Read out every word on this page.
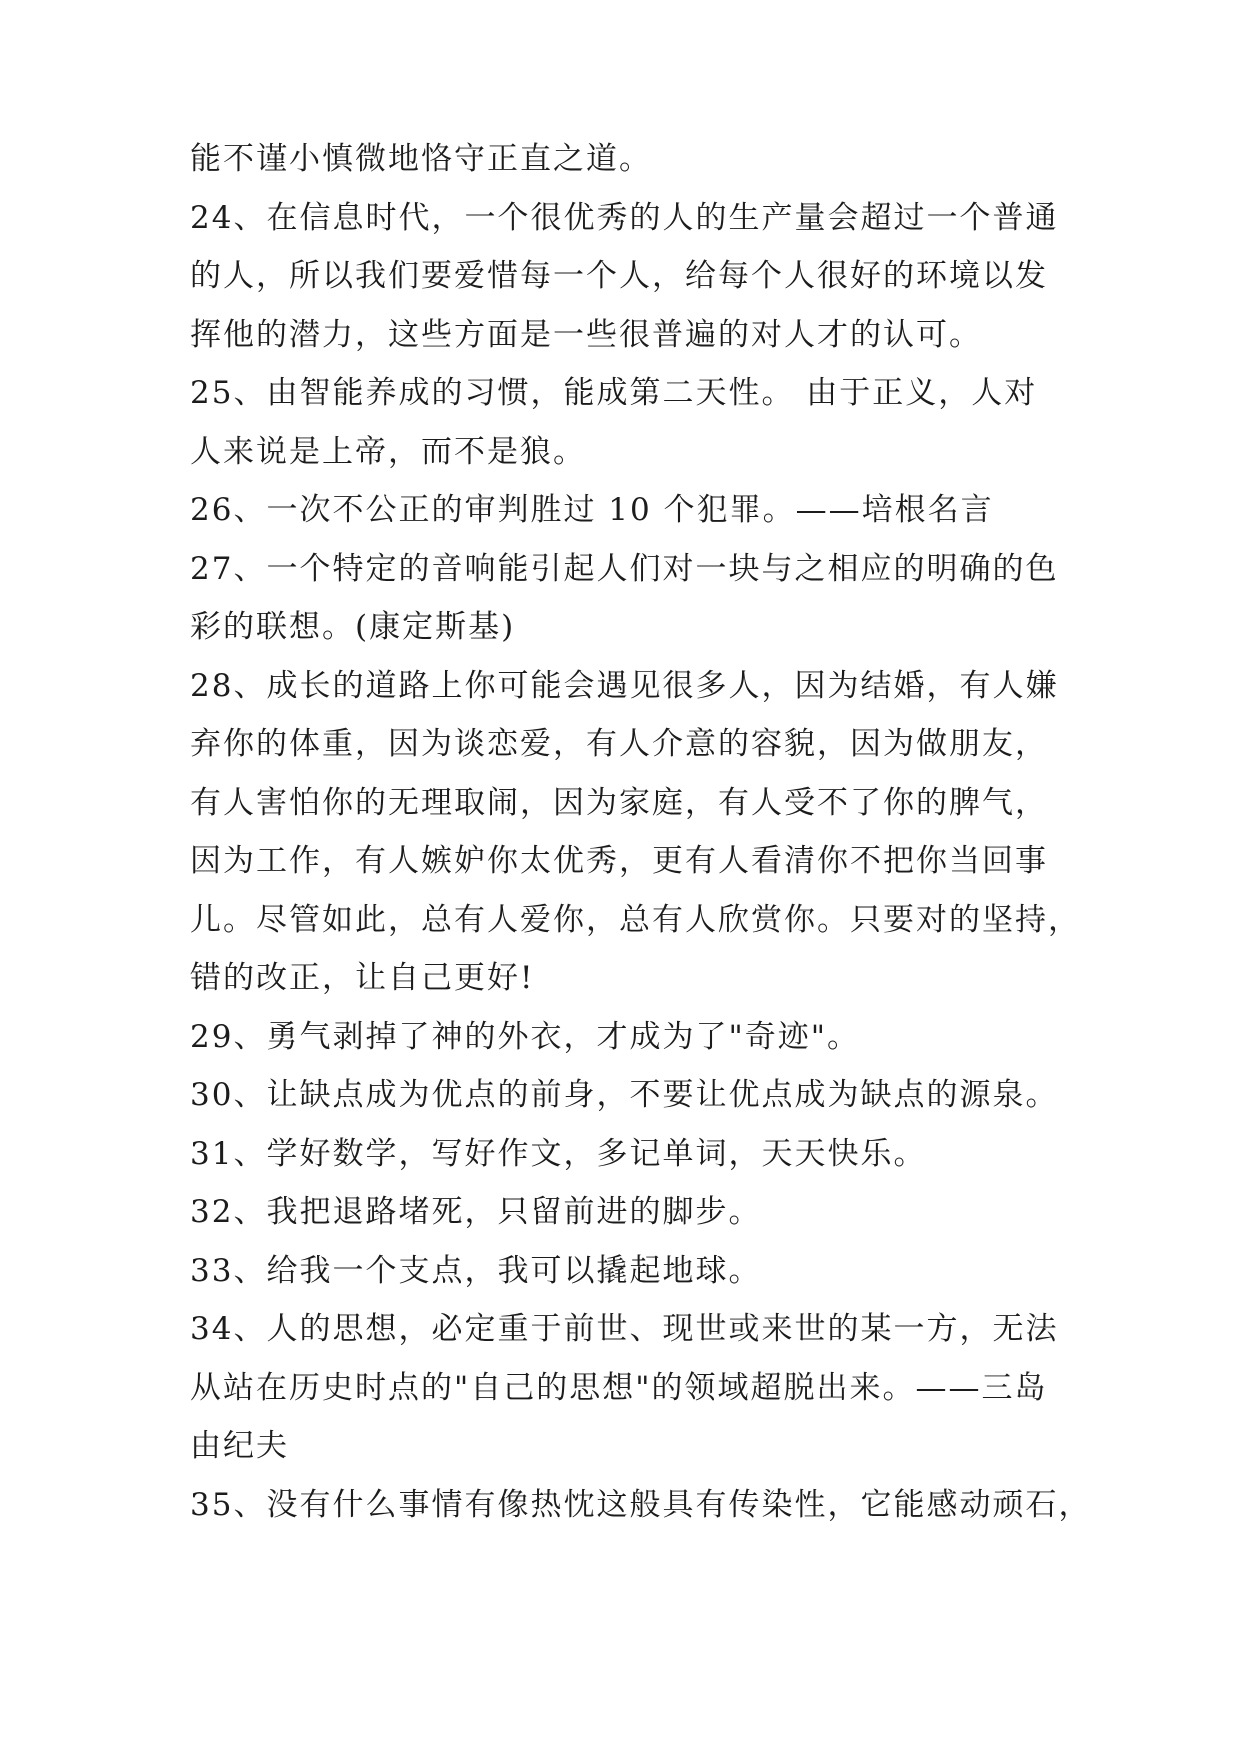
能不谨小慎微地恪守正直之道。
24、在信息时代，一个很优秀的人的生产量会超过一个普通
的人，所以我们要爱惜每一个人，给每个人很好的环境以发
挥他的潜力，这些方面是一些很普遍的对人才的认可。
25、由智能养成的习惯，能成第二天性。 由于正义，人对
人来说是上帝，而不是狼。
26、一次不公正的审判胜过 10 个犯罪。——培根名言
27、一个特定的音响能引起人们对一块与之相应的明确的色
彩的联想。(康定斯基)
28、成长的道路上你可能会遇见很多人，因为结婚，有人嫌
弃你的体重，因为谈恋爱，有人介意的容貌，因为做朋友，
有人害怕你的无理取闹，因为家庭，有人受不了你的脾气，
因为工作，有人嫉妒你太优秀，更有人看清你不把你当回事
儿。尽管如此，总有人爱你，总有人欣赏你。只要对的坚持，
错的改正，让自己更好!
29、勇气剥掉了神的外衣，才成为了"奇迹"。
30、让缺点成为优点的前身，不要让优点成为缺点的源泉。
31、学好数学，写好作文，多记单词，天天快乐。
32、我把退路堵死，只留前进的脚步。
33、给我一个支点，我可以撬起地球。
34、人的思想，必定重于前世、现世或来世的某一方，无法
从站在历史时点的"自己的思想"的领域超脱出来。——三岛
由纪夫
35、没有什么事情有像热忱这般具有传染性，它能感动顽石，
